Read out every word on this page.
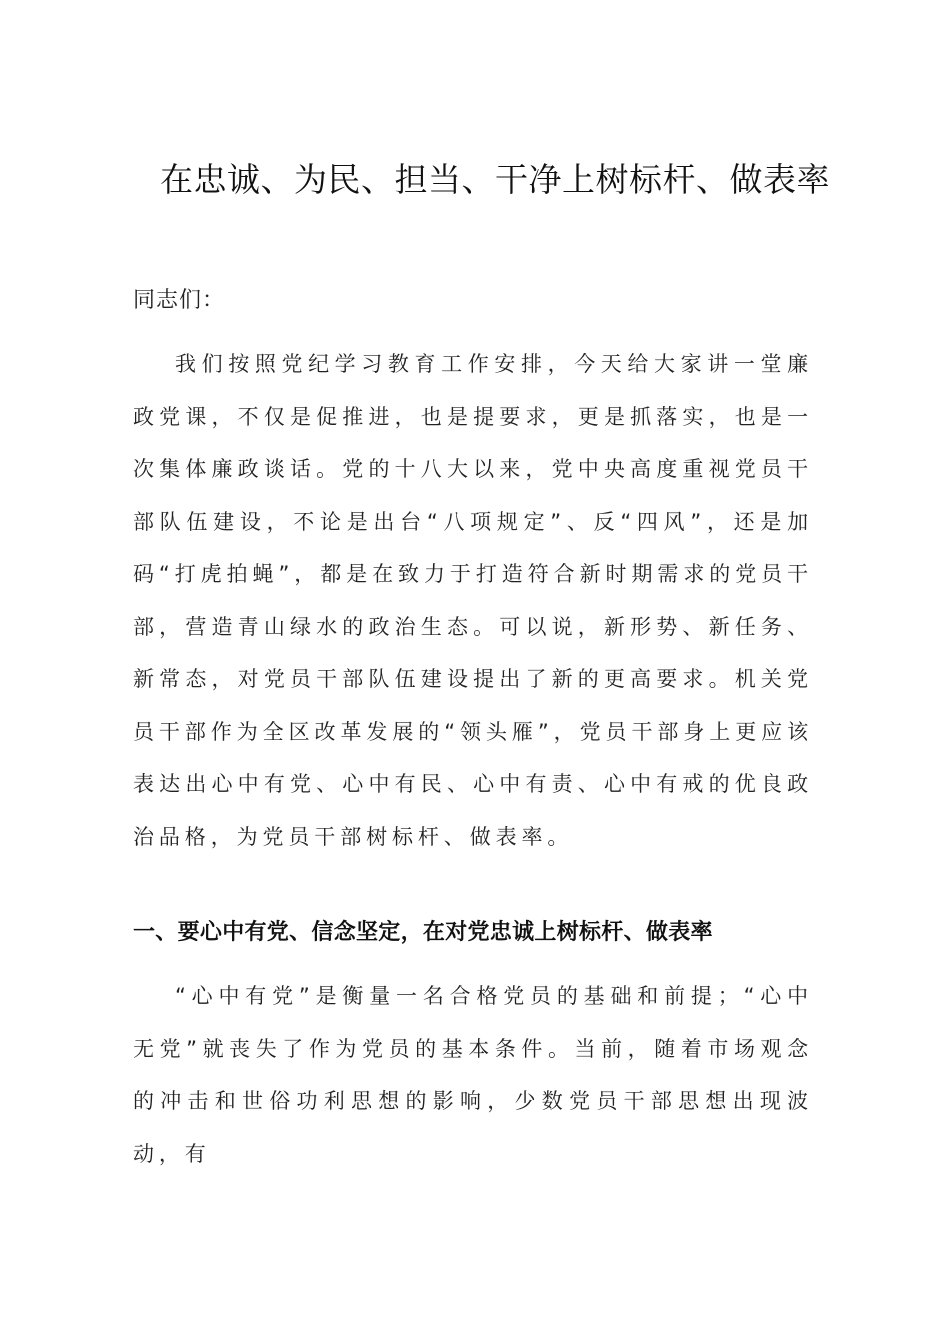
在忠诚、为民、担当、干净上树标杆、做表率

同志们：

我们按照党纪学习教育工作安排，今天给大家讲一堂廉政党课，不仅是促推进，也是提要求，更是抓落实，也是一次集体廉政谈话。党的十八大以来，党中央高度重视党员干部队伍建设，不论是出台“八项规定”、反“四风”，还是加码“打虎拍蝇”，都是在致力于打造符合新时期需求的党员干部，营造青山绿水的政治生态。可以说，新形势、新任务、新常态，对党员干部队伍建设提出了新的更高要求。机关党员干部作为全区改革发展的“领头雁”，党员干部身上更应该表达出心中有党、心中有民、心中有责、心中有戒的优良政治品格，为党员干部树标杆、做表率。

一、要心中有党、信念坚定，在对党忠诚上树标杆、做表率

“心中有党”是衡量一名合格党员的基础和前提；“心中无党”就丧失了作为党员的基本条件。当前，随着市场观念的冲击和世俗功利思想的影响，少数党员干部思想出现波动，有
